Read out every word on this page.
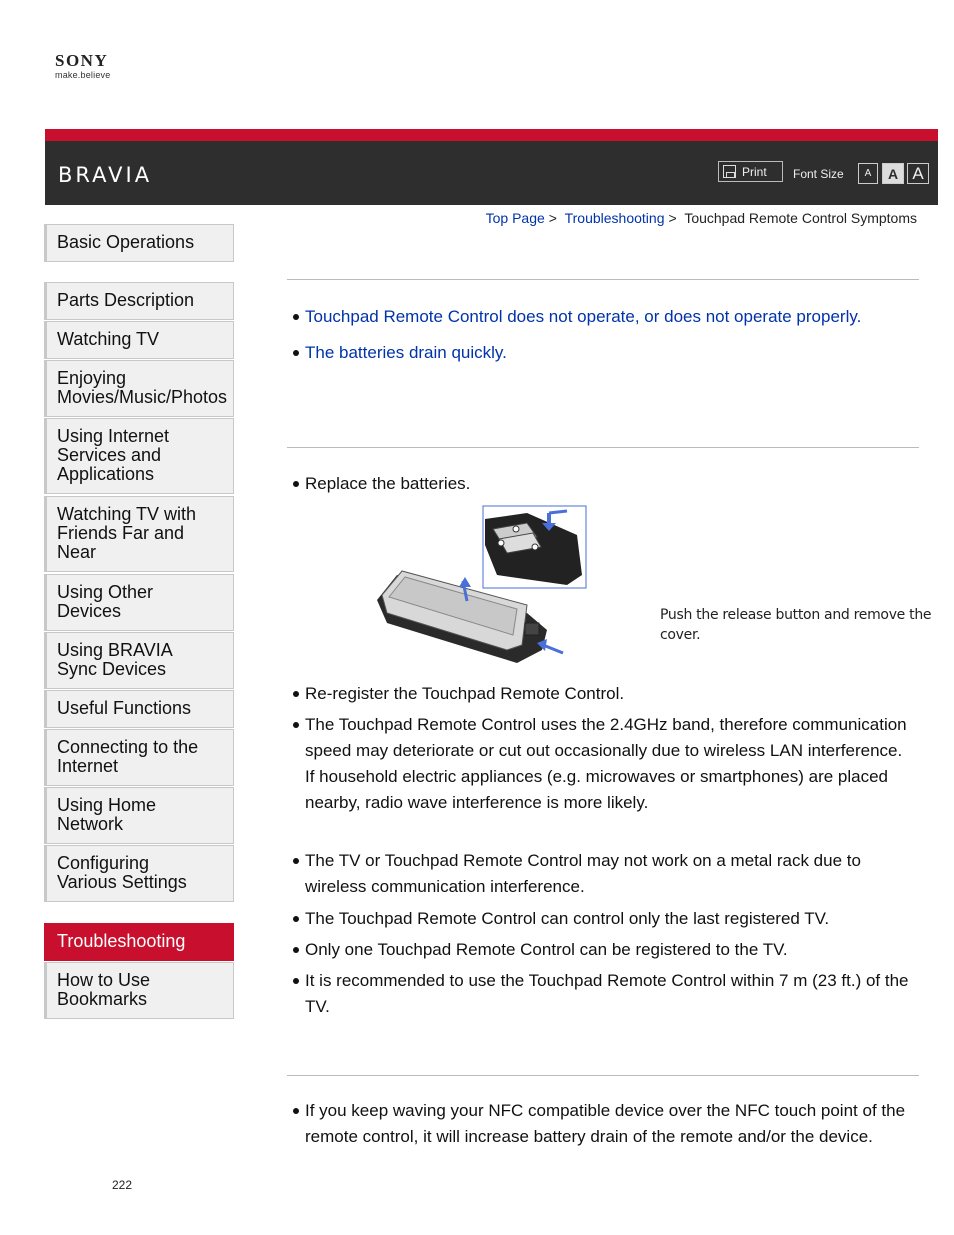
SONY
make.believe
BRAVIA	Print Font Size	A	A A
Top Page > Troubleshooting > Touchpad Remote Control Symptoms
Basic Operations
Parts Description
Watching TV
Enjoying
Movies/Music/Photos
Using Internet
Services and
Applications
Watching TV with
Friends Far and
Near
Using Other
Devices
Using BRAVIA
Sync Devices
Useful Functions
Connecting to the
Internet
Using Home
Network
Configuring
Various Settings
Troubleshooting
How to Use
Bookmarks
Touchpad Remote Control does not operate, or does not operate properly.
The batteries drain quickly.
Replace the batteries.
Push the release button and remove the cover.
Re-register the Touchpad Remote Control.
The Touchpad Remote Control uses the 2.4GHz band, therefore communication speed may deteriorate or cut out occasionally due to wireless LAN interference.
If household electric appliances (e.g. microwaves or smartphones) are placed nearby, radio wave interference is more likely.
The TV or Touchpad Remote Control may not work on a metal rack due to wireless communication interference.
The Touchpad Remote Control can control only the last registered TV.
Only one Touchpad Remote Control can be registered to the TV.
It is recommended to use the Touchpad Remote Control within 7 m (23 ft.) of the TV.
If you keep waving your NFC compatible device over the NFC touch point of the remote control, it will increase battery drain of the remote and/or the device.
222
